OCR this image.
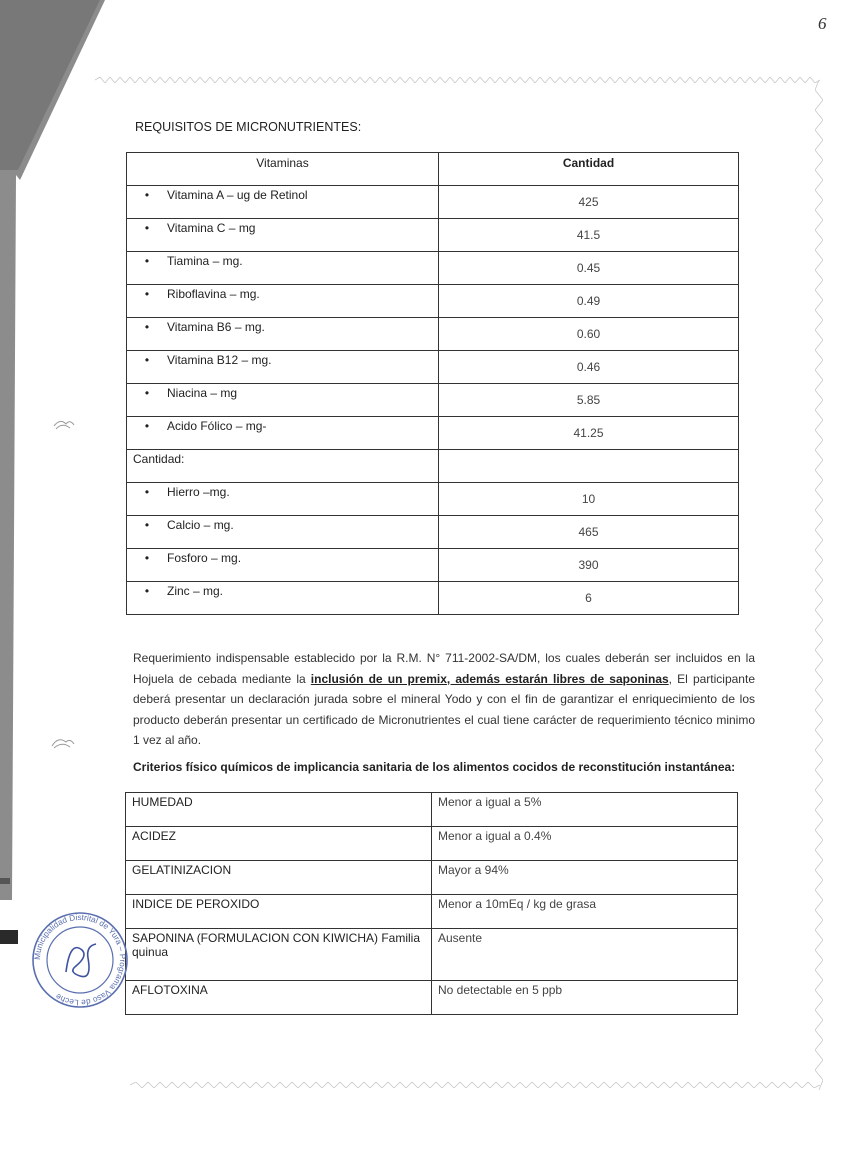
6
REQUISITOS DE MICRONUTRIENTES:
Vitaminas	Cantidad
• Vitamina A – ug de Retinol	425
• Vitamina C – mg	41.5
• Tiamina – mg.	0.45
• Riboflavina – mg.	0.49
• Vitamina B6 – mg.	0.60
• Vitamina B12 – mg.	0.46
• Niacina – mg	5.85
• Acido Fólico – mg-	41.25
Cantidad:	
• Hierro –mg.	10
• Calcio – mg.	465
• Fosforo – mg.	390
• Zinc – mg.	6
Requerimiento indispensable establecido por la R.M. N° 711-2002-SA/DM, los cuales deberán ser incluidos en la Hojuela de cebada mediante la inclusión de un premix, además estarán libres de saponinas, El participante deberá presentar un declaración jurada sobre el mineral Yodo y con el fin de garantizar el enriquecimiento de los producto deberán presentar un certificado de Micronutrientes el cual tiene carácter de requerimiento técnico minimo 1 vez al año.
Criterios físico químicos de implicancia sanitaria de los alimentos cocidos de reconstitución instantánea:
HUMEDAD	Menor a igual a 5%
ACIDEZ	Menor a igual a 0.4%
GELATINIZACION	Mayor a 94%
INDICE DE PEROXIDO	Menor a 10mEq / kg de grasa
SAPONINA (FORMULACION CON KIWICHA) Familia quinua	Ausente
AFLOTOXINA	No detectable en 5 ppb
Municipalidad Distrital de Yura – Programa Vaso de Leche
